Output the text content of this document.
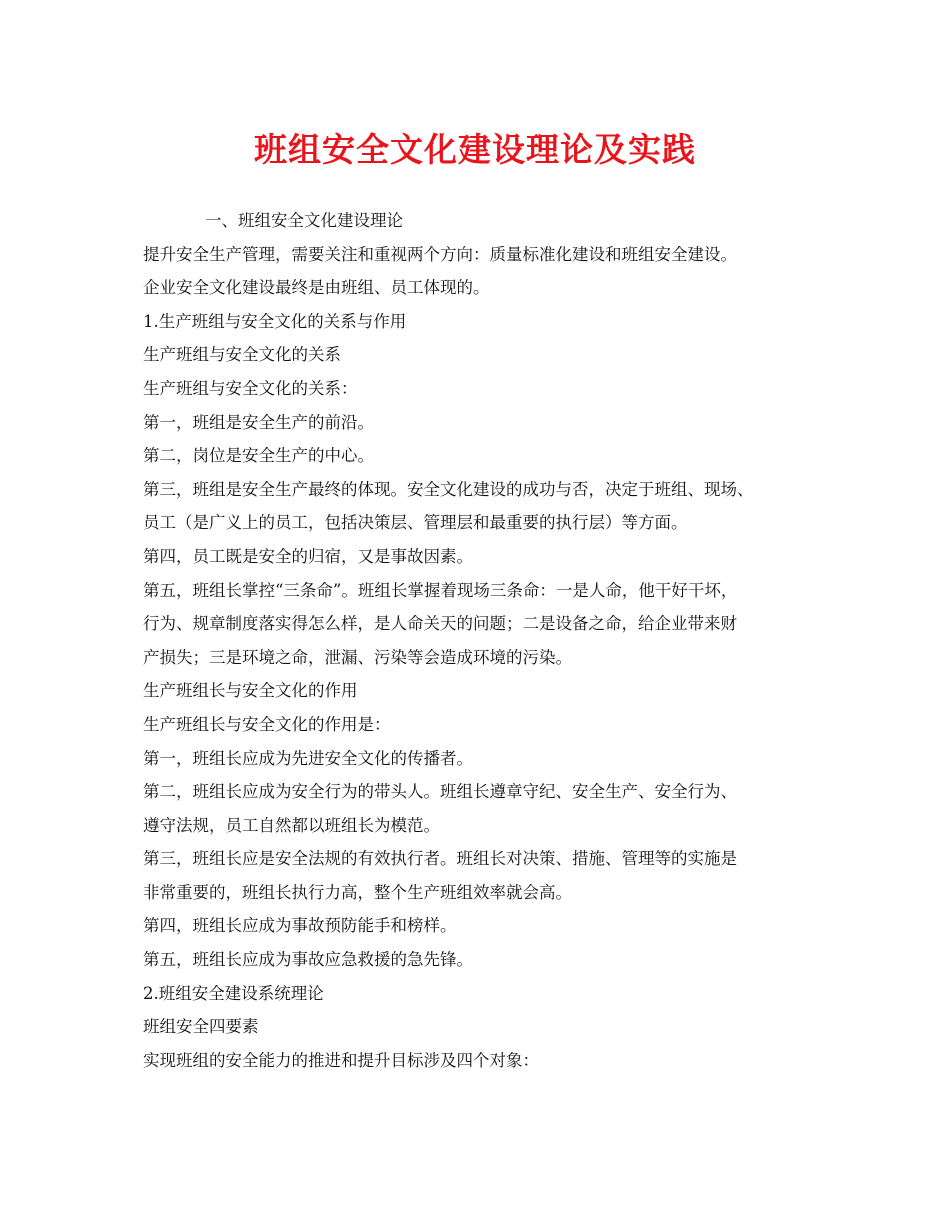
班组安全文化建设理论及实践
一、班组安全文化建设理论
提升安全生产管理，需要关注和重视两个方向：质量标准化建设和班组安全建设。
企业安全文化建设最终是由班组、员工体现的。
1.生产班组与安全文化的关系与作用
生产班组与安全文化的关系
生产班组与安全文化的关系：
第一，班组是安全生产的前沿。
第二，岗位是安全生产的中心。
第三，班组是安全生产最终的体现。安全文化建设的成功与否，决定于班组、现场、
员工（是广义上的员工，包括决策层、管理层和最重要的执行层）等方面。
第四，员工既是安全的归宿，又是事故因素。
第五，班组长掌控“三条命”。班组长掌握着现场三条命：一是人命，他干好干坏，
行为、规章制度落实得怎么样，是人命关天的问题；二是设备之命，给企业带来财
产损失；三是环境之命，泄漏、污染等会造成环境的污染。
生产班组长与安全文化的作用
生产班组长与安全文化的作用是：
第一，班组长应成为先进安全文化的传播者。
第二，班组长应成为安全行为的带头人。班组长遵章守纪、安全生产、安全行为、
遵守法规，员工自然都以班组长为模范。
第三，班组长应是安全法规的有效执行者。班组长对决策、措施、管理等的实施是
非常重要的，班组长执行力高，整个生产班组效率就会高。
第四，班组长应成为事故预防能手和榜样。
第五，班组长应成为事故应急救援的急先锋。
2.班组安全建设系统理论
班组安全四要素
实现班组的安全能力的推进和提升目标涉及四个对象：
